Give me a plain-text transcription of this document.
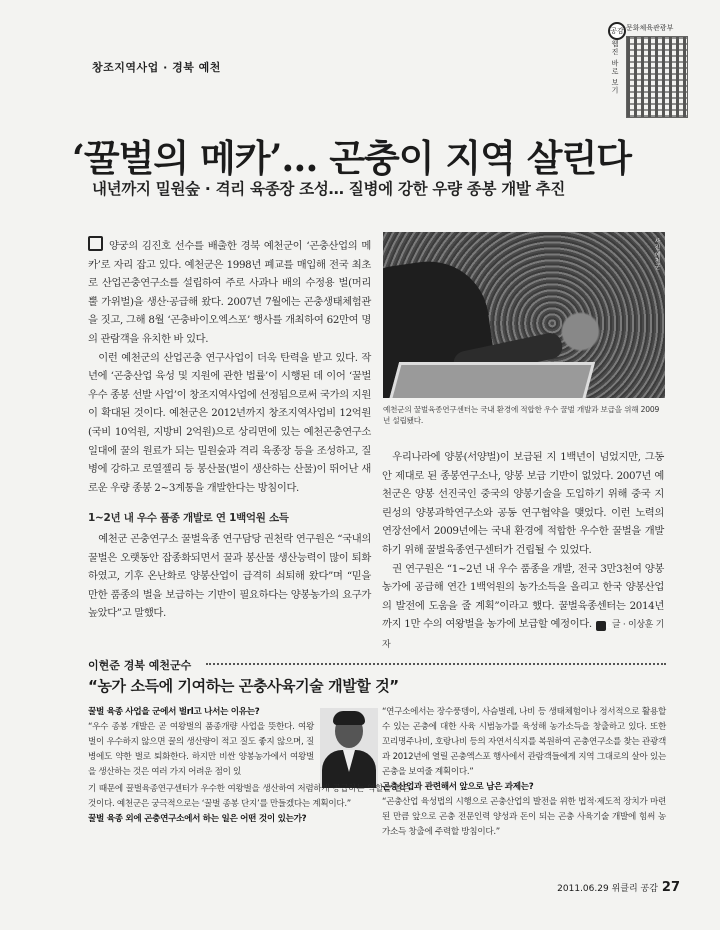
창조지역사업 · 경북 예천
공감 문화체육관광부
웹진 바로 보기
‘꿀벌의 메카’… 곤충이 지역 살린다
내년까지 밀원숲 · 격리 육종장 조성… 질병에 강한 우량 종봉 개발 추진
사진·예천군
예천군의 꿀벌육종연구센터는 국내 환경에 적합한 우수 꿀벌 개발과 보급을 위해 2009년 설립됐다.

양궁의 김진호 선수를 배출한 경북 예천군이 ‘곤충산업의 메카’로 자리 잡고 있다. 예천군은 1998년 폐교를 매입해 전국 최초로 산업곤충연구소를 설립하여 주로 사과나 배의 수정용 벌(머리뿔 가위벌)을 생산·공급해 왔다. 2007년 7월에는 곤충생태체험관을 짓고, 그해 8월 ‘곤충바이오엑스포’ 행사를 개최하여 62만여 명의 관람객을 유치한 바 있다.

이런 예천군의 산업곤충 연구사업이 더욱 탄력을 받고 있다. 작년에 ‘곤충산업 육성 및 지원에 관한 법률’이 시행된 데 이어 ‘꿀벌 우수 종봉 선발 사업’이 창조지역사업에 선정됨으로써 국가의 지원이 확대된 것이다. 예천군은 2012년까지 창조지역사업비 12억원(국비 10억원, 지방비 2억원)으로 상리면에 있는 예천곤충연구소 일대에 꿀의 원료가 되는 밀원숲과 격리 육종장 등을 조성하고, 질병에 강하고 로열젤리 등 봉산물(벌이 생산하는 산물)이 뛰어난 새로운 우량 종봉 2~3계통을 개발한다는 방침이다.

1~2년 내 우수 품종 개발로 연 1백억원 소득

예천군 곤충연구소 꿀벌육종 연구담당 권천락 연구원은 “국내의 꿀벌은 오랫동안 잡종화되면서 꿀과 봉산물 생산능력이 많이 퇴화하였고, 기후 온난화로 양봉산업이 급격히 쇠퇴해 왔다”며 “믿을 만한 품종의 벌을 보급하는 기반이 필요하다는 양봉농가의 요구가 높았다”고 말했다.

우리나라에 양봉(서양벌)이 보급된 지 1백년이 넘었지만, 그동안 제대로 된 종봉연구소나, 양봉 보급 기반이 없었다. 2007년 예천군은 양봉 선진국인 중국의 양봉기술을 도입하기 위해 중국 지린성의 양봉과학연구소와 공동 연구협약을 맺었다. 이런 노력의 연장선에서 2009년에는 국내 환경에 적합한 우수한 꿀벌을 개발하기 위해 꿀벌육종연구센터가 건립될 수 있었다.

권 연구원은 “1~2년 내 우수 품종을 개발, 전국 3만3천여 양봉농가에 공급해 연간 1백억원의 농가소득을 올리고 한국 양봉산업의 발전에 도움을 줄 계획”이라고 했다. 꿀벌육종센터는 2014년까지 1만 수의 여왕벌을 농가에 보급할 예정이다. G글 · 이상훈 기자

이현준 경북 예천군수
“농가 소득에 기여하는 곤충사육기술 개발할 것”
꿀벌 육종 사업을 군에서 벌rl고 나서는 이유는?
“우수 종봉 개발은 곧 여왕벌의 품종개량 사업을 뜻한다. 여왕벌이 우수하지 않으면 꿀의 생산량이 적고 질도 좋지 않으며, 질병에도 약한 벌로 퇴화한다. 하지만 비싼 양봉농가에서 여왕벌을 생산하는 것은 여러 가지 어려운 점이 있
기 때문에 꿀벌육종연구센터가 우수한 여왕벌을 생산하여 저렴하게 공급하는 역할을 맡은 것이다. 예천군은 궁극적으로는 ‘꿀벌 종봉 단지’를 만들겠다는 계획이다.”
꿀벌 육종 외에 곤충연구소에서 하는 일은 어떤 것이 있는가?
“연구소에서는 장수풍뎅이, 사슴벌레, 나비 등 생태체험이나 정서적으로 활용할 수 있는 곤충에 대한 사육 시범농가를 육성해 농가소득을 창출하고 있다. 또한 꼬리명주나비, 호랑나비 등의 자연서식지를 복원하여 곤충연구소를 찾는 관광객과 2012년에 열릴 곤충엑스포 행사에서 관람객들에게 지역 그대로의 살아 있는 곤충을 보여줄 계획이다.”
곤충산업과 관련해서 앞으로 남은 과제는?
“곤충산업 육성법의 시행으로 곤충산업의 발전을 위한 법적·제도적 장치가 마련된 만큼 앞으로 곤충 전문인력 양성과 돈이 되는 곤충 사육기술 개발에 힘써 농가소득 창출에 주력할 방침이다.”
2011.06.29 위클리 공감 27
